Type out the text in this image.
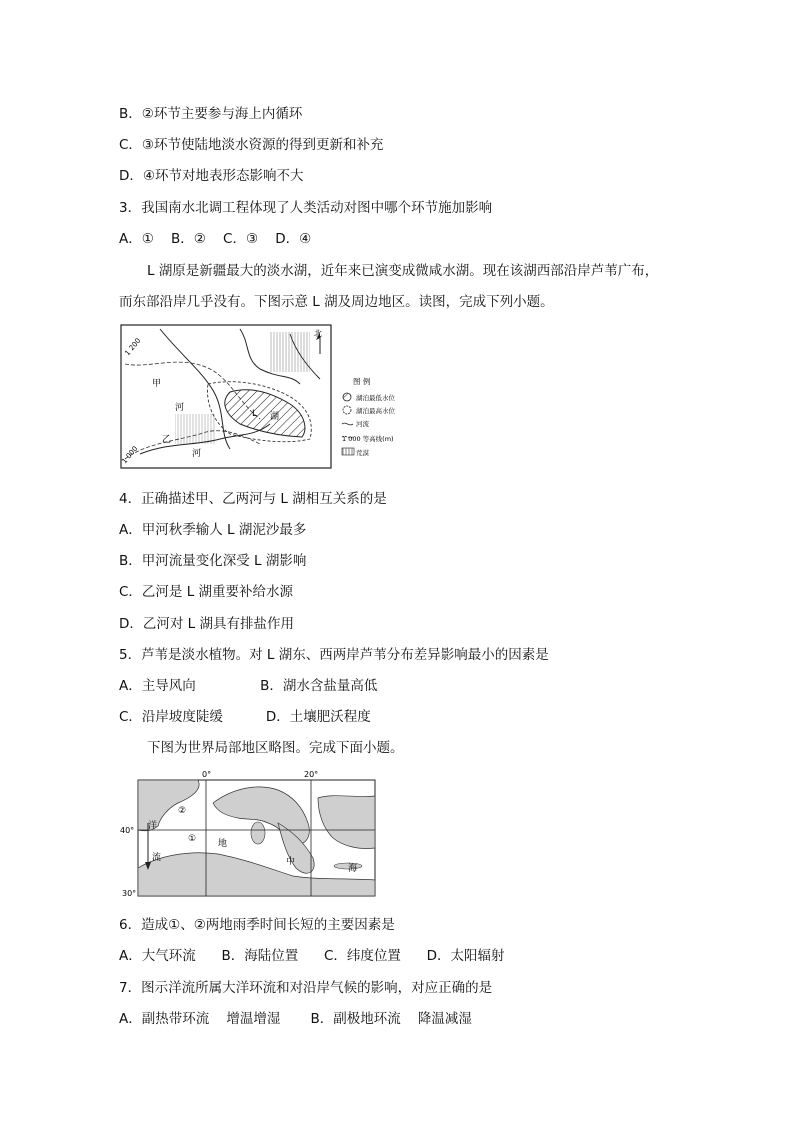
B．②环节主要参与海上内循环
C．③环节使陆地淡水资源的得到更新和补充
D．④环节对地表形态影响不大
3．我国南水北调工程体现了人类活动对图中哪个环节施加影响
A．①    B．②    C．③    D．④
L 湖原是新疆最大的淡水湖，近年来已演变成微咸水湖。现在该湖西部沿岸芦苇广布，
而东部沿岸几乎没有。下图示意 L 湖及周边地区。读图，完成下列小题。
北
1 200
1 000
甲
河
乙
河
L 湖
图 例
湖泊最低水位
湖泊最高水位
河流
1 000 等高线(m)
荒漠
4．正确描述甲、乙两河与 L 湖相互关系的是
A．甲河秋季输人 L 湖泥沙最多
B．甲河流量变化深受 L 湖影响
C．乙河是 L 湖重要补给水源
D．乙河对 L 湖具有排盐作用
5．芦苇是淡水植物。对 L 湖东、西两岸芦苇分布差异影响最小的因素是
A．主导风向               B．湖水含盐量高低
C．沿岸坡度陡缓          D．土壤肥沃程度
下图为世界局部地区略图。完成下面小题。
0°	20°
40°
30°
②
①
洋
流
地
中
海
6．造成①、②两地雨季时间长短的主要因素是
A．大气环流      B．海陆位置      C．纬度位置      D．太阳辐射
7．图示洋流所属大洋环流和对沿岸气候的影响，对应正确的是
A．副热带环流    增温增湿       B．副极地环流    降温减湿
